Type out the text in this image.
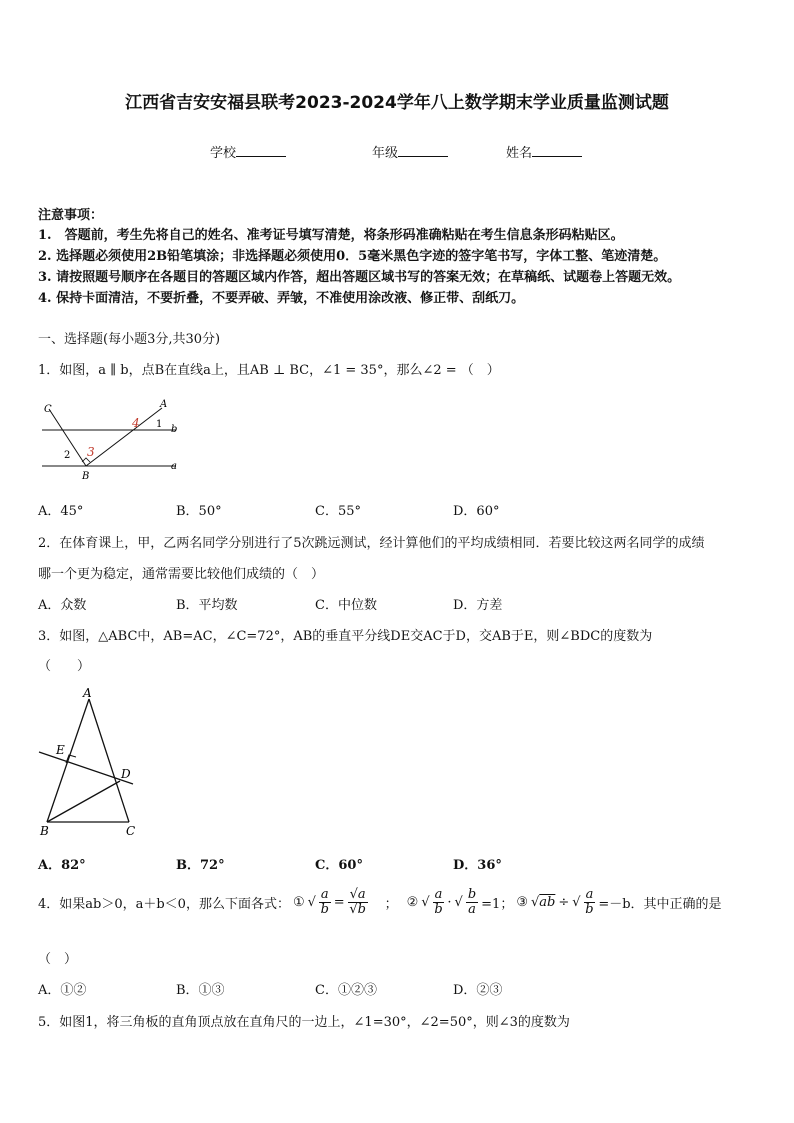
江西省吉安安福县联考2023-2024学年八上数学期末学业质量监测试题
学校	年级	姓名
注意事项：
1.　答题前，考生先将自己的姓名、准考证号填写清楚，将条形码准确粘贴在考生信息条形码粘贴区。
2. 选择题必须使用2B铅笔填涂；非选择题必须使用0．5毫米黑色字迹的签字笔书写，字体工整、笔迹清楚。
3. 请按照题号顺序在各题目的答题区域内作答，超出答题区域书写的答案无效；在草稿纸、试题卷上答题无效。
4. 保持卡面清洁，不要折叠，不要弄破、弄皱，不准使用涂改液、修正带、刮纸刀。
一、选择题(每小题3分,共30分)
1．如图，a ∥ b，点B在直线a上，且AB ⊥ BC，∠1 = 35°，那么∠2 = （　）
C	A
B
1
2 3
4	b
a
A．45°	B．50°	C．55°	D．60°
2．在体育课上，甲，乙两名同学分别进行了5次跳远测试，经计算他们的平均成绩相同．若要比较这两名同学的成绩
哪一个更为稳定，通常需要比较他们成绩的（　）
A．众数	B．平均数	C．中位数	D．方差
3．如图，△ABC中，AB=AC，∠C=72°，AB的垂直平分线DE交AC于D，交AB于E，则∠BDC的度数为
（　　）
A
B	C
D
E
A．82°	B．72°	C．60°	D．36°
4．如果ab＞0，a＋b＜0，那么下面各式： ① √ $\frac{a}{b} = \frac{√a}{√b}$ ； ② √ $\frac{a}{b}$ · √ $\frac{b}{a} =1$； ③ √ab ÷ √ $\frac{a}{b} =-b$．其中正确的是
（　）
A．①②	B．①③	C．①②③	D．②③
5．如图1，将三角板的直角顶点放在直角尺的一边上，∠1=30°，∠2=50°，则∠3的度数为
